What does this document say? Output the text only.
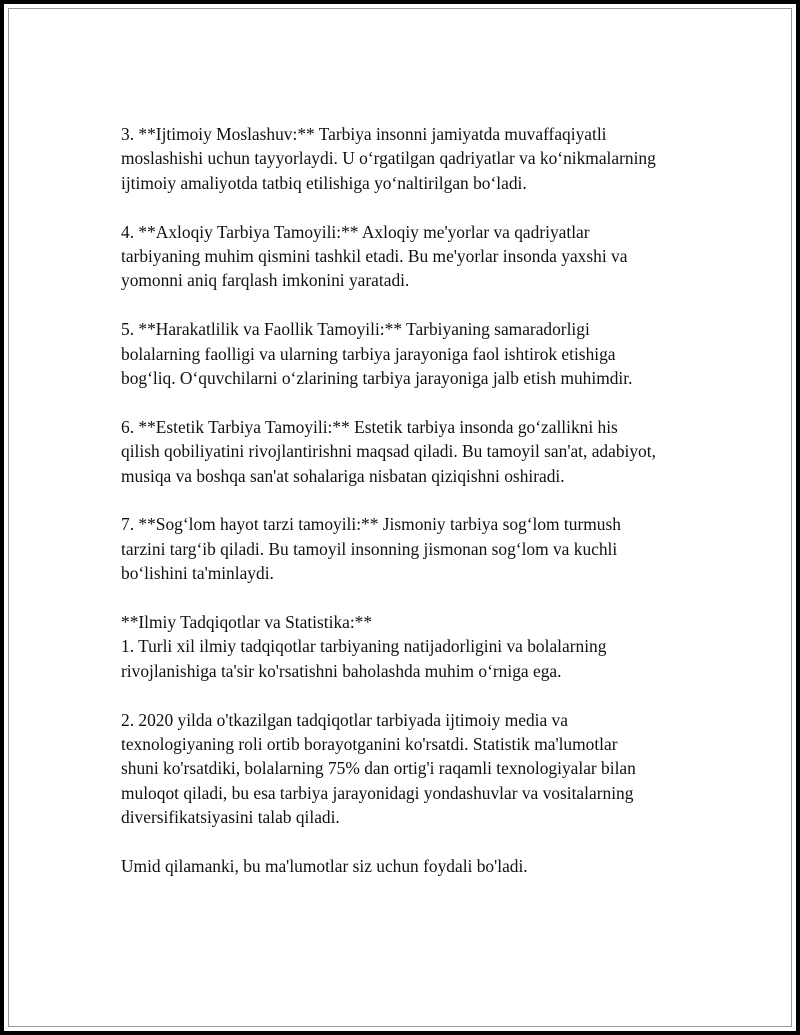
3. **Ijtimoiy Moslashuv:** Tarbiya insonni jamiyatda muvaffaqiyatli
moslashishi uchun tayyorlaydi. U o‘rgatilgan qadriyatlar va ko‘nikmalarning
ijtimoiy amaliyotda tatbiq etilishiga yo‘naltirilgan bo‘ladi.

4. **Axloqiy Tarbiya Tamoyili:** Axloqiy me'yorlar va qadriyatlar
tarbiyaning muhim qismini tashkil etadi. Bu me'yorlar insonda yaxshi va
yomonni aniq farqlash imkonini yaratadi.

5. **Harakatlilik va Faollik Tamoyili:** Tarbiyaning samaradorligi
bolalarning faolligi va ularning tarbiya jarayoniga faol ishtirok etishiga
bog‘liq. O‘quvchilarni o‘zlarining tarbiya jarayoniga jalb etish muhimdir.

6. **Estetik Tarbiya Tamoyili:** Estetik tarbiya insonda go‘zallikni his
qilish qobiliyatini rivojlantirishni maqsad qiladi. Bu tamoyil san'at, adabiyot,
musiqa va boshqa san'at sohalariga nisbatan qiziqishni oshiradi.

7. **Sog‘lom hayot tarzi tamoyili:** Jismoniy tarbiya sog‘lom turmush
tarzini targ‘ib qiladi. Bu tamoyil insonning jismonan sog‘lom va kuchli
bo‘lishini ta'minlaydi.

**Ilmiy Tadqiqotlar va Statistika:**
1. Turli xil ilmiy tadqiqotlar tarbiyaning natijadorligini va bolalarning
rivojlanishiga ta'sir ko'rsatishni baholashda muhim o‘rniga ega.

2. 2020 yilda o'tkazilgan tadqiqotlar tarbiyada ijtimoiy media va
texnologiyaning roli ortib borayotganini ko'rsatdi. Statistik ma'lumotlar
shuni ko'rsatdiki, bolalarning 75% dan ortig'i raqamli texnologiyalar bilan
muloqot qiladi, bu esa tarbiya jarayonidagi yondashuvlar va vositalarning
diversifikatsiyasini talab qiladi.

Umid qilamanki, bu ma'lumotlar siz uchun foydali bo'ladi.
